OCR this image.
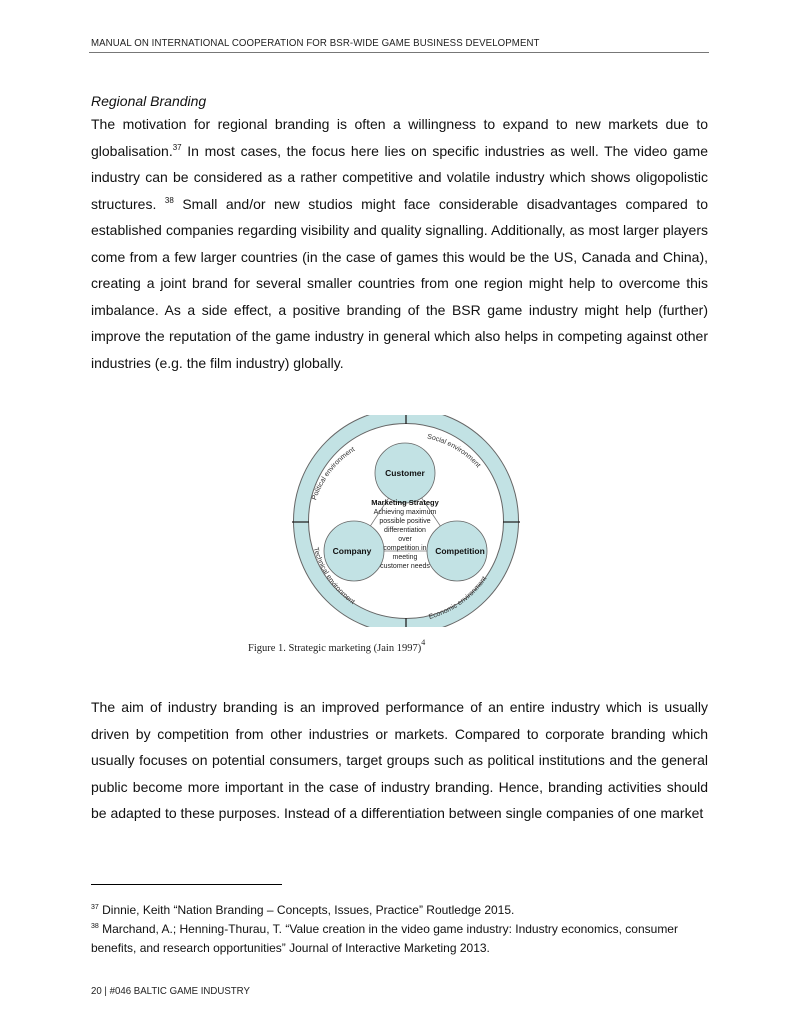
MANUAL ON INTERNATIONAL COOPERATION FOR BSR-WIDE GAME BUSINESS DEVELOPMENT
Regional Branding
The motivation for regional branding is often a willingness to expand to new markets due to globalisation.$^{37}$ In most cases, the focus here lies on specific industries as well. The video game industry can be considered as a rather competitive and volatile industry which shows oligopolistic structures. $^{38}$ Small and/or new studios might face considerable disadvantages compared to established companies regarding visibility and quality signalling. Additionally, as most larger players come from a few larger countries (in the case of games this would be the US, Canada and China), creating a joint brand for several smaller countries from one region might help to overcome this imbalance. As a side effect, a positive branding of the BSR game industry might help (further) improve the reputation of the game industry in general which also helps in competing against other industries (e.g. the film industry) globally.
Political environment
Social environment
Technical environment
Economic environment
Customer
Company	Competition
Marketing Strategy
Achieving maximum
possible positive
differentiation
over
competition in
meeting
customer needs
Figure 1. Strategic marketing (Jain 1997)$^4$
The aim of industry branding is an improved performance of an entire industry which is usually driven by competition from other industries or markets. Compared to corporate branding which usually focuses on potential consumers, target groups such as political institutions and the general public become more important in the case of industry branding. Hence, branding activities should be adapted to these purposes. Instead of a differentiation between single companies of one market
$^{37}$ Dinnie, Keith “Nation Branding – Concepts, Issues, Practice” Routledge 2015.
$^{38}$ Marchand, A.; Henning-Thurau, T. “Value creation in the video game industry: Industry economics, consumer benefits, and research opportunities” Journal of Interactive Marketing 2013.
20 | #046 BALTIC GAME INDUSTRY
